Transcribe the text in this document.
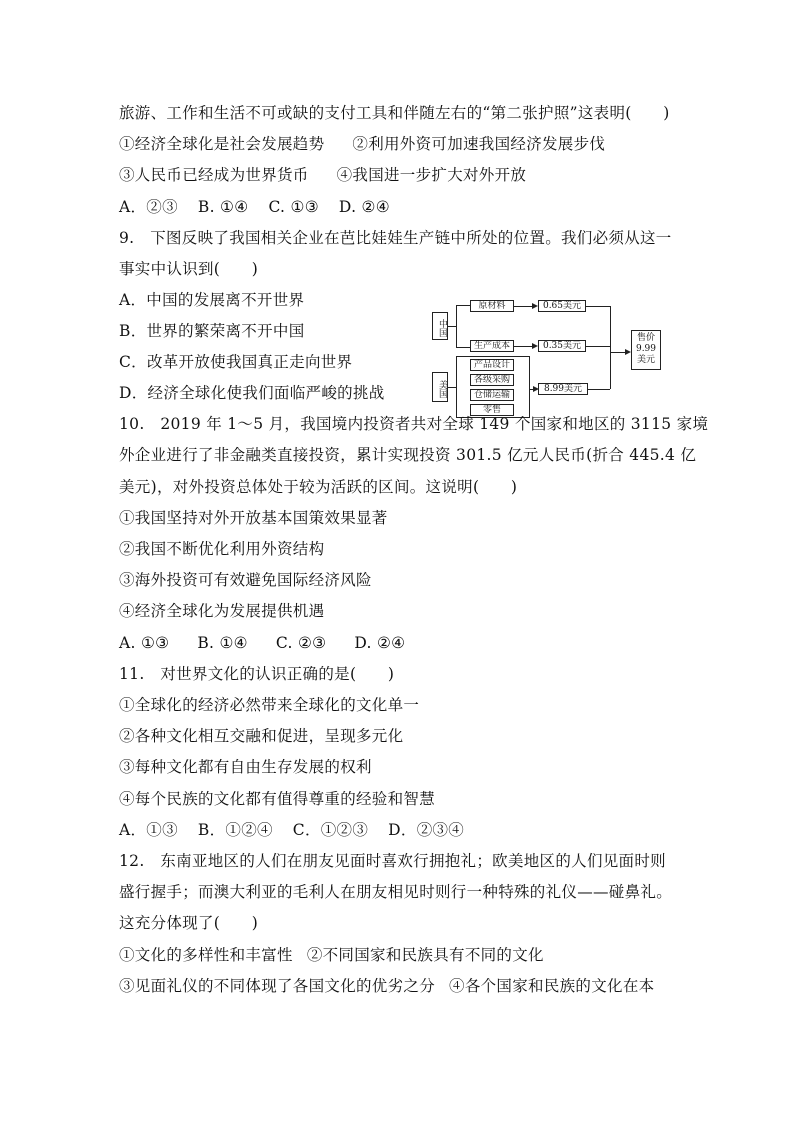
旅游、工作和生活不可或缺的支付工具和伴随左右的“第二张护照”这表明(　　)
①经济全球化是社会发展趋势 ②利用外资可加速我国经济发展步伐
③人民币已经成为世界货币 ④我国进一步扩大对外开放
A．②③ B. ①④ C. ①③ D. ②④
9.　下图反映了我国相关企业在芭比娃娃生产链中所处的位置。我们必须从这一
事实中认识到(　　)
A．中国的发展离不开世界
B．世界的繁荣离不开中国
C．改革开放使我国真正走向世界
D．经济全球化使我们面临严峻的挑战
中国
原材料	0.65美元
生产成本	0.35美元
美国
产品设计
各级采购
仓储运输
零售
8.99美元
售价
9.99
美元
10.　2019 年 1～5 月，我国境内投资者共对全球 149 个国家和地区的 3115 家境
外企业进行了非金融类直接投资，累计实现投资 301.5 亿元人民币(折合 445.4 亿
美元)，对外投资总体处于较为活跃的区间。这说明(　　)
①我国坚持对外开放基本国策效果显著
②我国不断优化利用外资结构
③海外投资可有效避免国际经济风险
④经济全球化为发展提供机遇
A. ①③ B. ①④ C. ②③ D. ②④
11.　对世界文化的认识正确的是(　　)
①全球化的经济必然带来全球化的文化单一
②各种文化相互交融和促进，呈现多元化
③每种文化都有自由生存发展的权利
④每个民族的文化都有值得尊重的经验和智慧
A．①③ B．①②④ C．①②③ D．②③④
12.　东南亚地区的人们在朋友见面时喜欢行拥抱礼；欧美地区的人们见面时则
盛行握手；而澳大利亚的毛利人在朋友相见时则行一种特殊的礼仪——碰鼻礼。
这充分体现了(　　)
①文化的多样性和丰富性 ②不同国家和民族具有不同的文化
③见面礼仪的不同体现了各国文化的优劣之分 ④各个国家和民族的文化在本
